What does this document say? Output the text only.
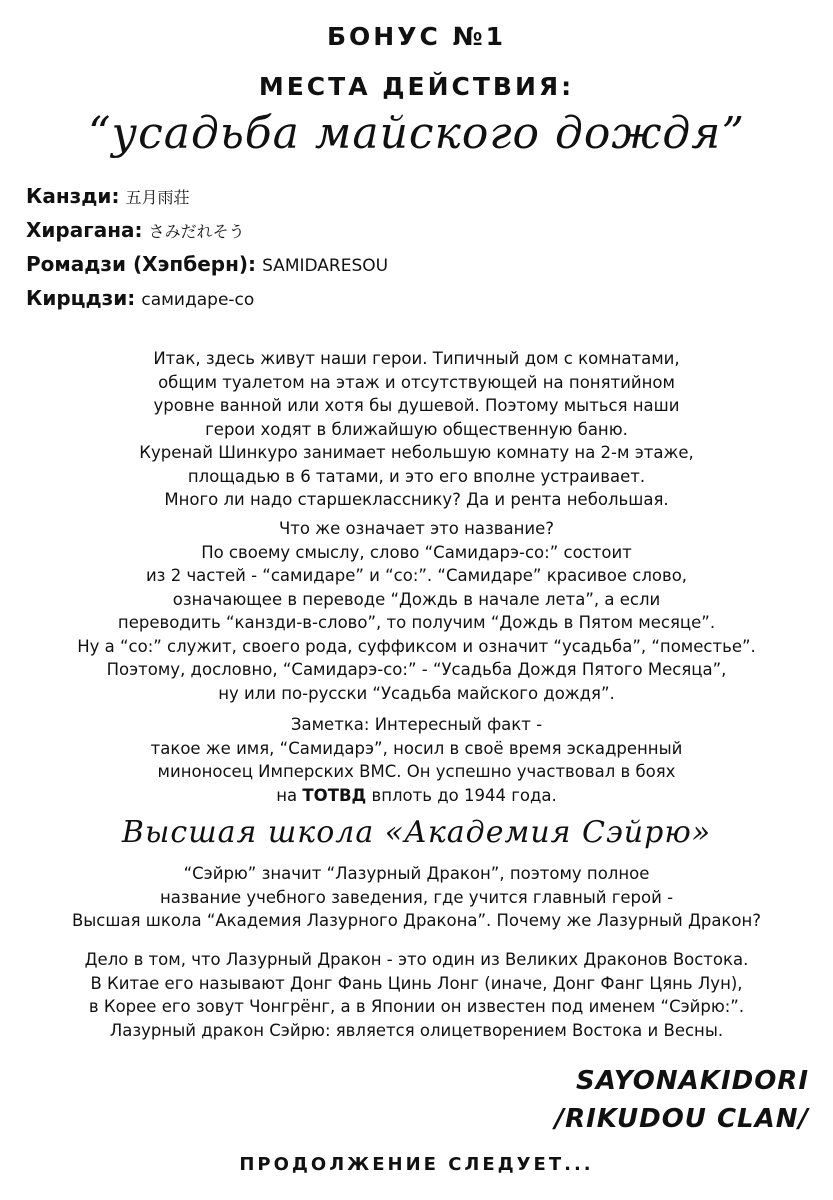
БОНУС №1
МЕСТА ДЕЙСТВИЯ:
“усадьба майского дождя”
Канзди: 五月雨荘
Хирагана: さみだれそう
Ромадзи (Хэпберн): SAMIDARESOU
Кирцдзи: самидаре-со
Итак, здесь живут наши герои. Типичный дом с комнатами,
общим туалетом на этаж и отсутствующей на понятийном
уровне ванной или хотя бы душевой. Поэтому мыться наши
герои ходят в ближайшую общественную баню.
Куренай Шинкуро занимает небольшую комнату на 2-м этаже,
площадью в 6 татами, и это его вполне устраивает.
Много ли надо старшекласснику? Да и рента небольшая.
Что же означает это название?
По своему смыслу, слово “Самидарэ-со:” состоит
из 2 частей - “самидаре” и “со:”. “Самидаре” красивое слово,
означающее в переводе “Дождь в начале лета”, а если
переводить “канзди-в-слово”, то получим “Дождь в Пятом месяце”.
Ну а “со:” служит, своего рода, суффиксом и означит “усадьба”, “поместье”.
Поэтому, дословно, “Самидарэ-со:” - “Усадьба Дождя Пятого Месяца”,
ну или по-русски “Усадьба майского дождя”.
Заметка: Интересный факт -
такое же имя, “Самидарэ”, носил в своё время эскадренный
миноносец Имперских ВМС. Он успешно участвовал в боях
на ТОТВД вплоть до 1944 года.
Высшая школа «Академия Сэйрю»
“Сэйрю” значит “Лазурный Дракон”, поэтому полное
название учебного заведения, где учится главный герой -
Высшая школа “Академия Лазурного Дракона”. Почему же Лазурный Дракон?
Дело в том, что Лазурный Дракон - это один из Великих Драконов Востока.
В Китае его называют Донг Фань Цинь Лонг (иначе, Донг Фанг Цянь Лун),
в Корее его зовут Чонгрёнг, а в Японии он известен под именем “Сэйрю:”.
Лазурный дракон Сэйрю: является олицетворением Востока и Весны.
SAYONAKIDORI
/RIKUDOU CLAN/
ПРОДОЛЖЕНИЕ СЛЕДУЕТ...
